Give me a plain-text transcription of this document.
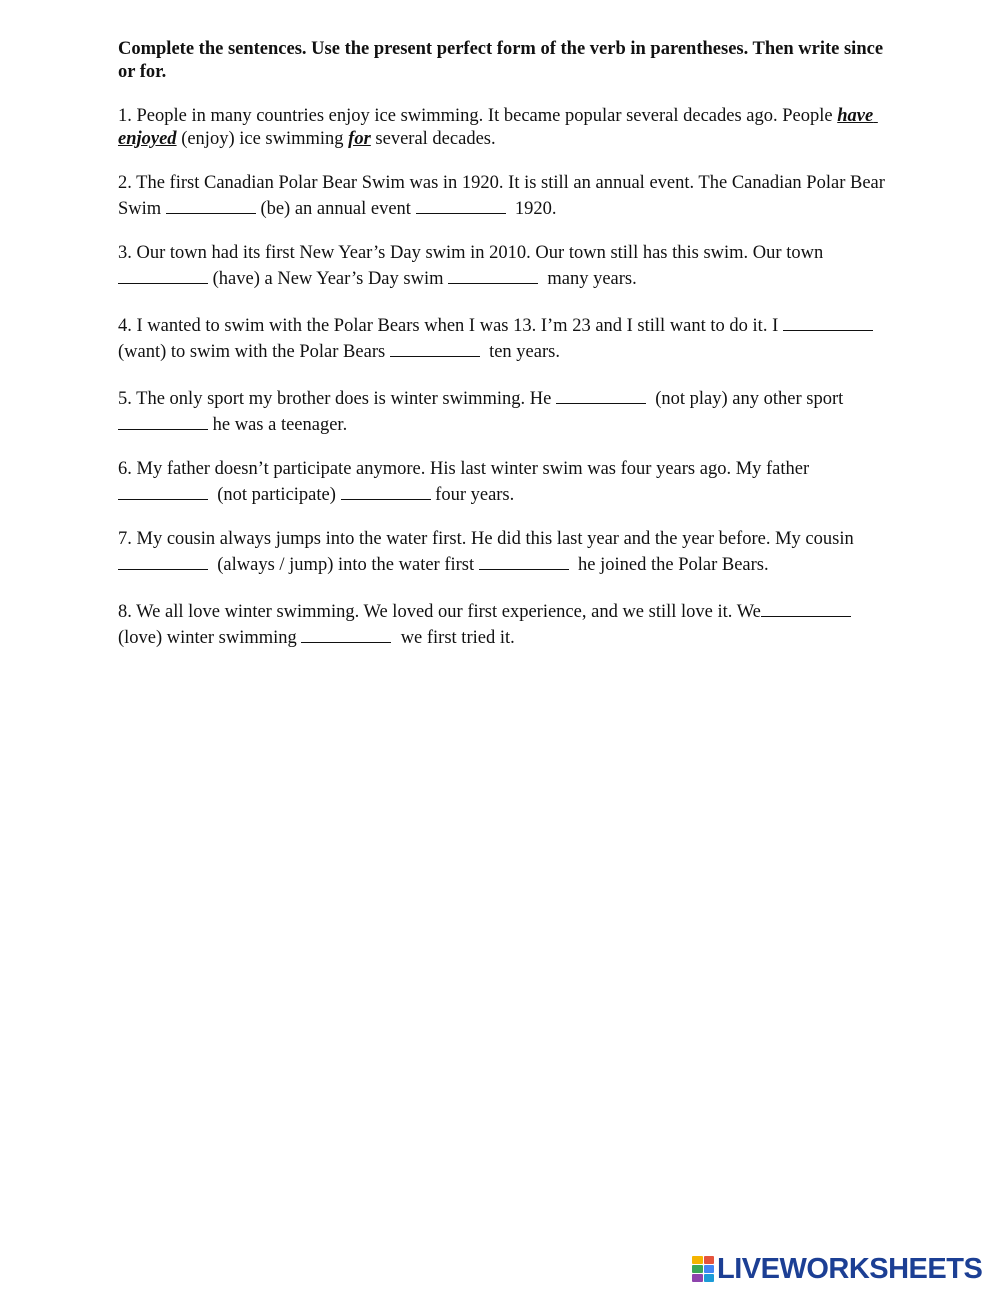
Complete the sentences. Use the present perfect form of the verb in parentheses. Then write since or for.

1. People in many countries enjoy ice swimming. It became popular several decades ago. People have enjoyed (enjoy) ice swimming for several decades.

2. The first Canadian Polar Bear Swim was in 1920. It is still an annual event. The Canadian Polar Bear Swim	(be) an annual event	1920.

3. Our town had its first New Year’s Day swim in 2010. Our town still has this swim. Our town  (have) a New Year’s Day swim	many years.

4. I wanted to swim with the Polar Bears when I was 13. I’m 23 and I still want to do it. I	(want) to swim with the Polar Bears	ten years.

5. The only sport my brother does is winter swimming. He	(not play) any other sport  he was a teenager.

6. My father doesn’t participate anymore. His last winter swim was four years ago. My father   (not participate)	four years.

7. My cousin always jumps into the water first. He did this last year and the year before. My cousin   (always / jump) into the water first	he joined the Polar Bears.

8. We all love winter swimming. We loved our first experience, and we still love it. We	(love) winter swimming	we first tried it.

LIVEWORKSHEETS
